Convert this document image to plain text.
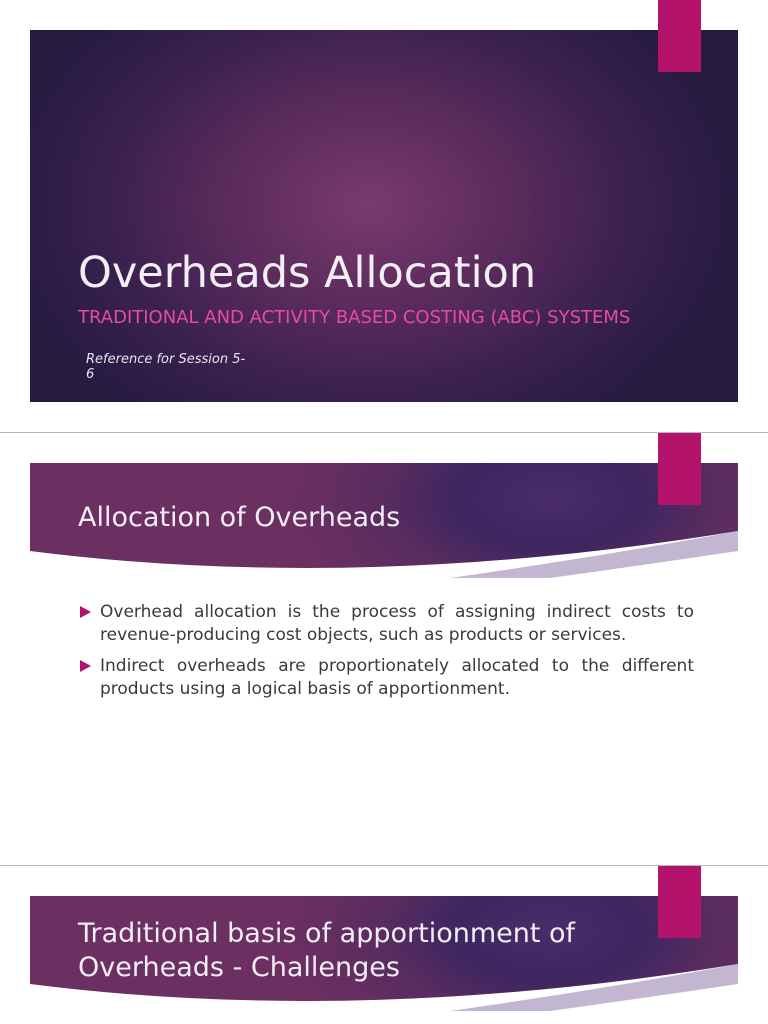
Overheads Allocation

TRADITIONAL AND ACTIVITY BASED COSTING (ABC) SYSTEMS

Reference for Session 5-6

Allocation of Overheads
Overhead allocation is the process of assigning indirect costs to revenue-producing cost objects, such as products or services.
Indirect overheads are proportionately allocated to the different products using a logical basis of apportionment.
Traditional basis of apportionment of Overheads - Challenges
